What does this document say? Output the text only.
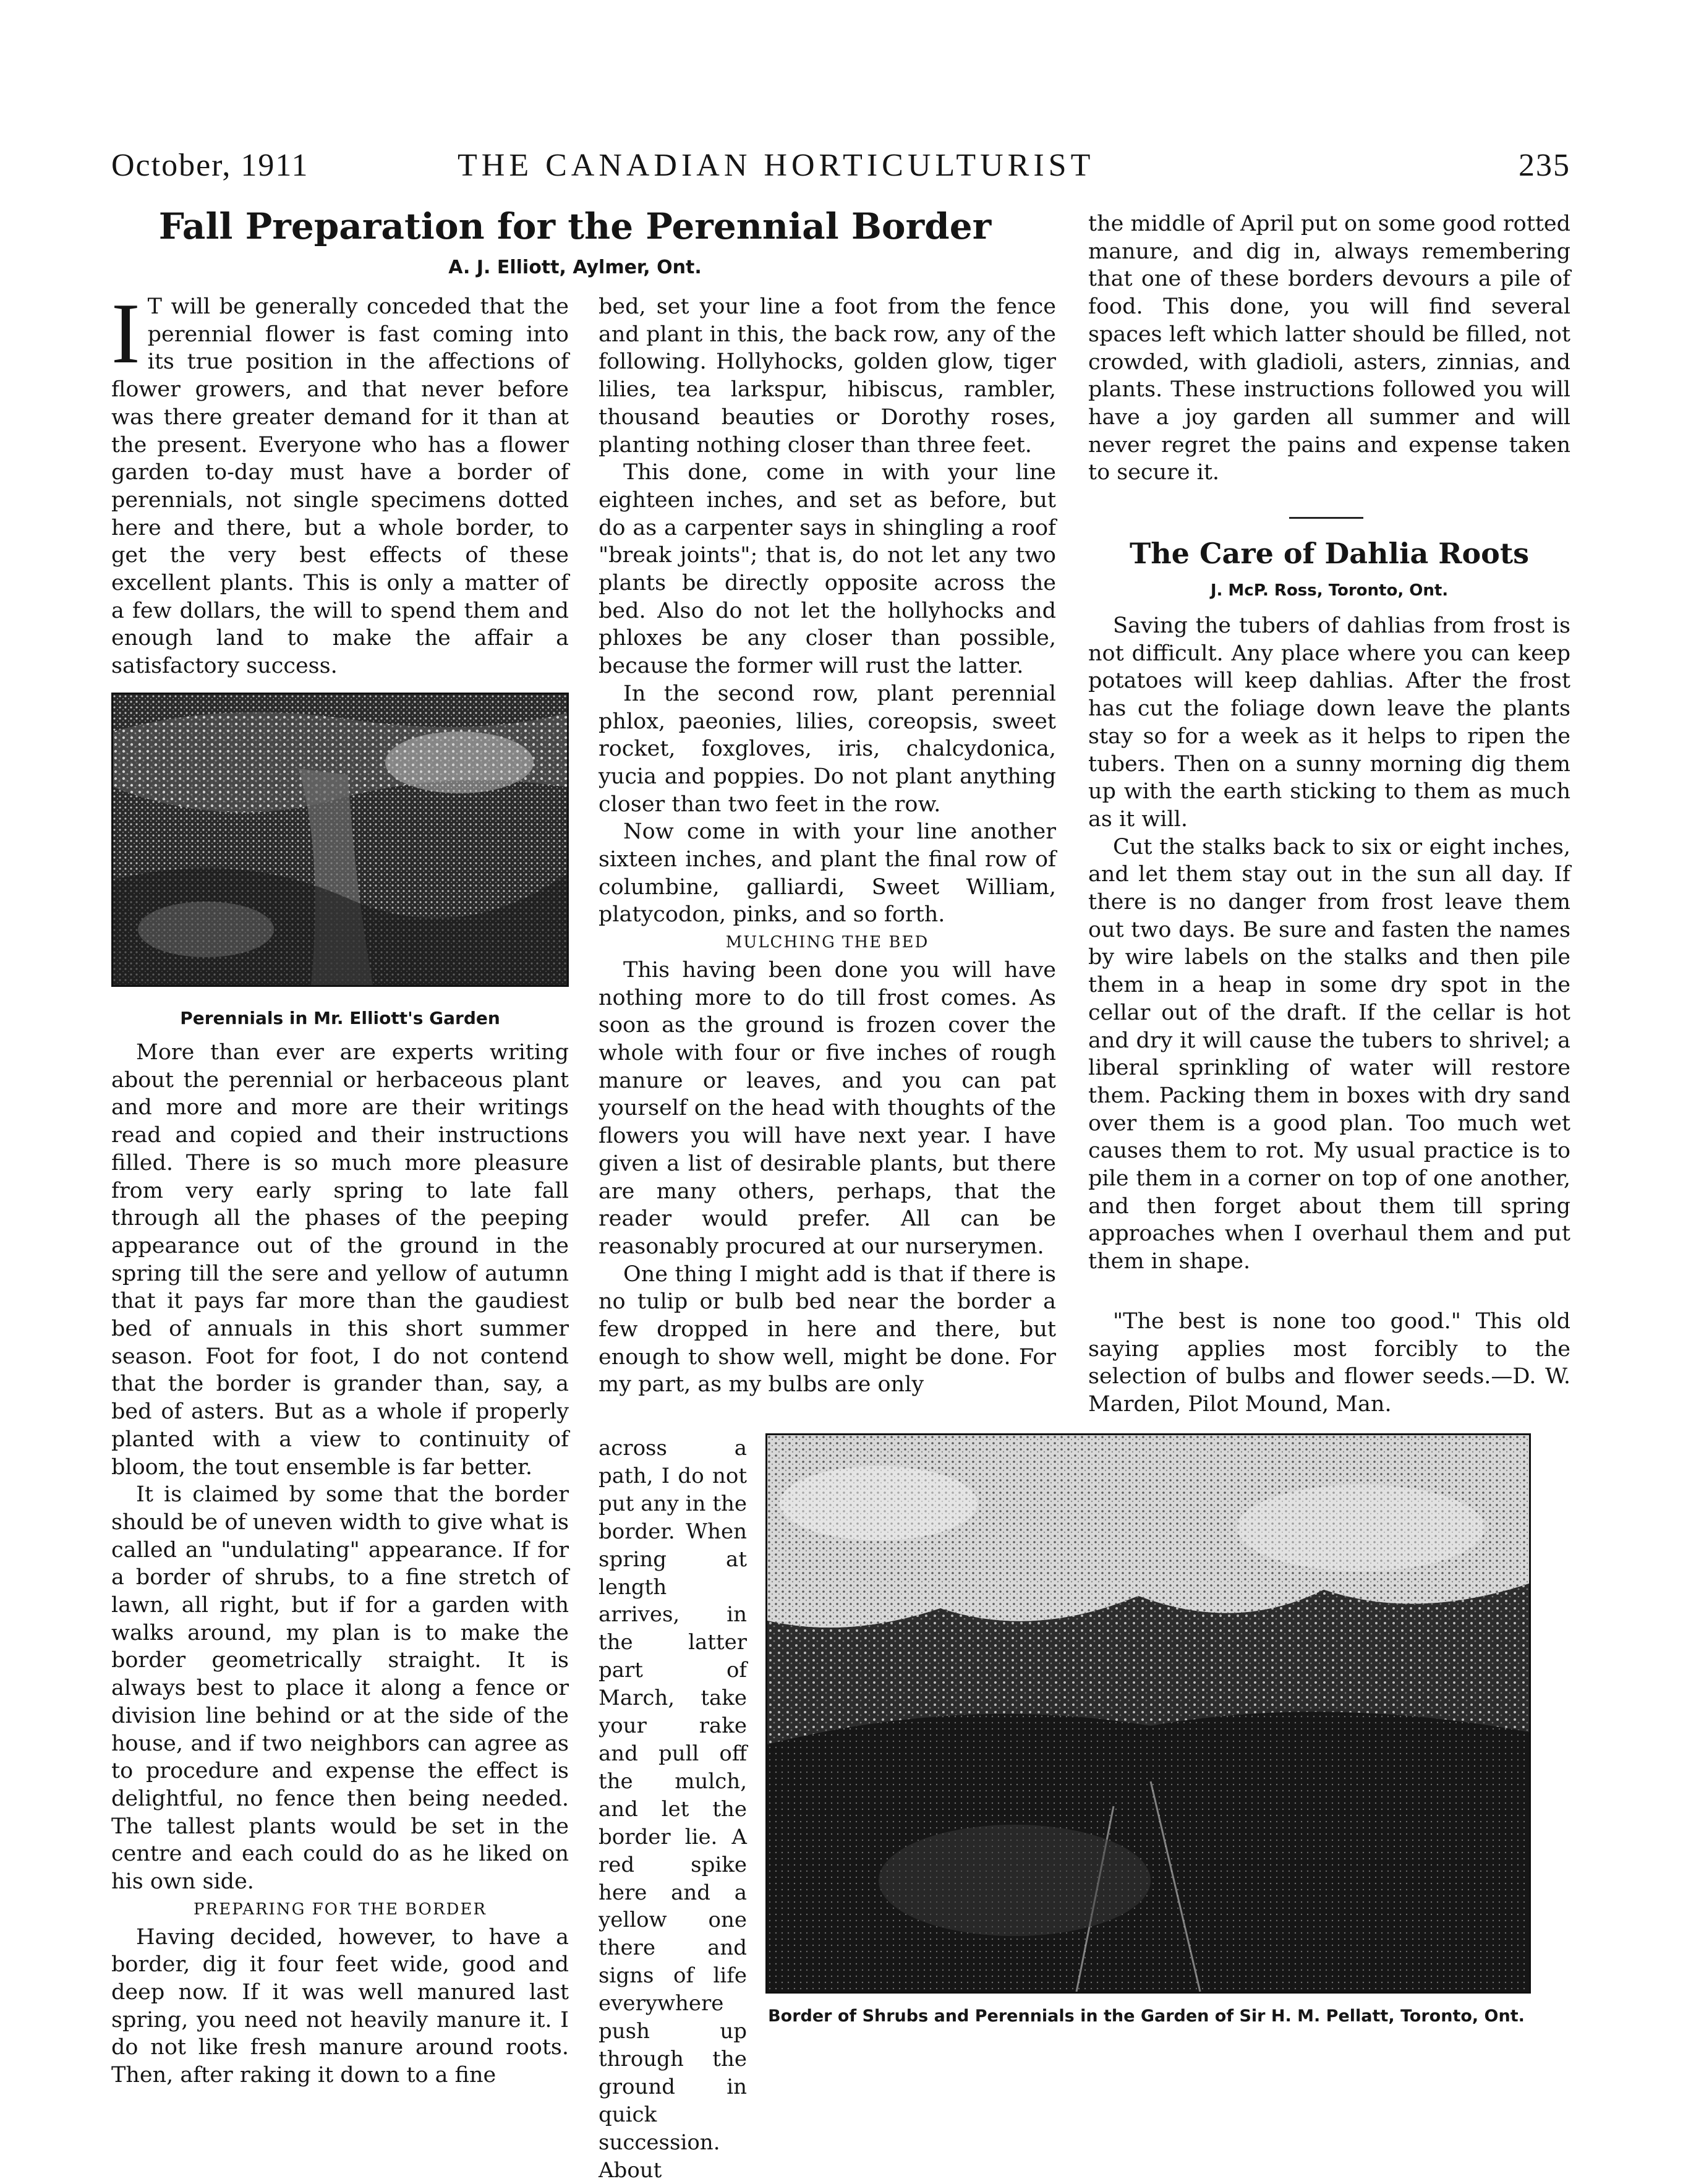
October, 1911	THE CANADIAN HORTICULTURIST	235
Fall Preparation for the Perennial Border
A. J. Elliott, Aylmer, Ont.
I T will be generally conceded that the perennial flower is fast coming into its true position in the affections of flower growers, and that never before was there greater demand for it than at the present. Everyone who has a flower garden to-day must have a border of perennials, not single specimens dotted here and there, but a whole border, to get the very best effects of these excellent plants. This is only a matter of a few dollars, the will to spend them and enough land to make the affair a satisfactory success.

Perennials in Mr. Elliott's Garden

More than ever are experts writing about the perennial or herbaceous plant and more and more are their writings read and copied and their instructions filled. There is so much more pleasure from very early spring to late fall through all the phases of the peeping appearance out of the ground in the spring till the sere and yellow of autumn that it pays far more than the gaudiest bed of annuals in this short summer season. Foot for foot, I do not contend that the border is grander than, say, a bed of asters. But as a whole if properly planted with a view to continuity of bloom, the tout ensemble is far better.

It is claimed by some that the border should be of uneven width to give what is called an "undulating" appearance. If for a border of shrubs, to a fine stretch of lawn, all right, but if for a garden with walks around, my plan is to make the border geometrically straight. It is always best to place it along a fence or division line behind or at the side of the house, and if two neighbors can agree as to procedure and expense the effect is delightful, no fence then being needed. The tallest plants would be set in the centre and each could do as he liked on his own side.

PREPARING FOR THE BORDER

Having decided, however, to have a border, dig it four feet wide, good and deep now. If it was well manured last spring, you need not heavily manure it. I do not like fresh manure around roots. Then, after raking it down to a fine

bed, set your line a foot from the fence and plant in this, the back row, any of the following. Hollyhocks, golden glow, tiger lilies, tea larkspur, hibiscus, rambler, thousand beauties or Dorothy roses, planting nothing closer than three feet.

This done, come in with your line eighteen inches, and set as before, but do as a carpenter says in shingling a roof "break joints"; that is, do not let any two plants be directly opposite across the bed. Also do not let the hollyhocks and phloxes be any closer than possible, because the former will rust the latter.

In the second row, plant perennial phlox, paeonies, lilies, coreopsis, sweet rocket, foxgloves, iris, chalcydonica, yucia and poppies. Do not plant anything closer than two feet in the row.

Now come in with your line another sixteen inches, and plant the final row of columbine, galliardi, Sweet William, platycodon, pinks, and so forth.

MULCHING THE BED

This having been done you will have nothing more to do till frost comes. As soon as the ground is frozen cover the whole with four or five inches of rough manure or leaves, and you can pat yourself on the head with thoughts of the flowers you will have next year. I have given a list of desirable plants, but there are many others, perhaps, that the reader would prefer. All can be reasonably procured at our nurserymen.

One thing I might add is that if there is no tulip or bulb bed near the border a few dropped in here and there, but enough to show well, might be done. For my part, as my bulbs are only

across a path, I do not put any in the border. When spring at length arrives, in the latter part of March, take your rake and pull off the mulch, and let the border lie. A red spike here and a yellow one there and signs of life everywhere push up through the ground in quick succession. About

the middle of April put on some good rotted manure, and dig in, always remembering that one of these borders devours a pile of food. This done, you will find several spaces left which latter should be filled, not crowded, with gladioli, asters, zinnias, and plants. These instructions followed you will have a joy garden all summer and will never regret the pains and expense taken to secure it.

The Care of Dahlia Roots
J. McP. Ross, Toronto, Ont.

Saving the tubers of dahlias from frost is not difficult. Any place where you can keep potatoes will keep dahlias. After the frost has cut the foliage down leave the plants stay so for a week as it helps to ripen the tubers. Then on a sunny morning dig them up with the earth sticking to them as much as it will.

Cut the stalks back to six or eight inches, and let them stay out in the sun all day. If there is no danger from frost leave them out two days. Be sure and fasten the names by wire labels on the stalks and then pile them in a heap in some dry spot in the cellar out of the draft. If the cellar is hot and dry it will cause the tubers to shrivel; a liberal sprinkling of water will restore them. Packing them in boxes with dry sand over them is a good plan. Too much wet causes them to rot. My usual practice is to pile them in a corner on top of one another, and then forget about them till spring approaches when I overhaul them and put them in shape.

"The best is none too good." This old saying applies most forcibly to the selection of bulbs and flower seeds.—D. W. Marden, Pilot Mound, Man.

Border of Shrubs and Perennials in the Garden of Sir H. M. Pellatt, Toronto, Ont.
